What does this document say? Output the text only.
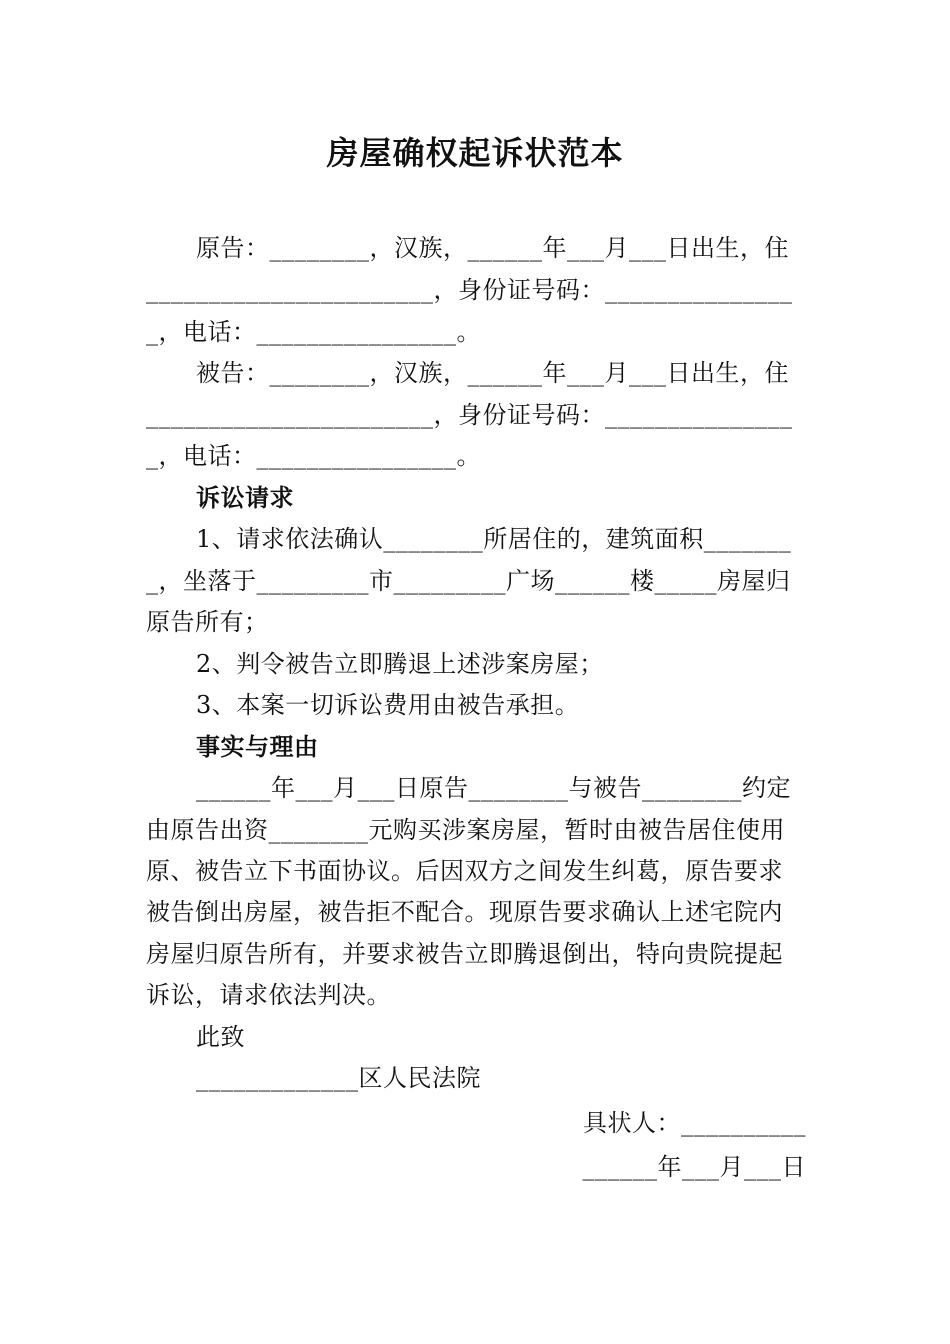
房屋确权起诉状范本
原告：________，汉族，______年___月___日出生，住
_______________________，身份证号码：_______________
_，电话：________________。
被告：________，汉族，______年___月___日出生，住
_______________________，身份证号码：_______________
_，电话：________________。
诉讼请求
1、请求依法确认________所居住的，建筑面积_______
_，坐落于_________市_________广场______楼_____房屋归
原告所有；
2、判令被告立即腾退上述涉案房屋；
3、本案一切诉讼费用由被告承担。
事实与理由
______年___月___日原告________与被告________约定
由原告出资________元购买涉案房屋，暂时由被告居住使用
原、被告立下书面协议。后因双方之间发生纠葛，原告要求
被告倒出房屋，被告拒不配合。现原告要求确认上述宅院内
房屋归原告所有，并要求被告立即腾退倒出，特向贵院提起
诉讼，请求依法判决。
此致
_____________区人民法院
具状人：__________
______年___月___日
